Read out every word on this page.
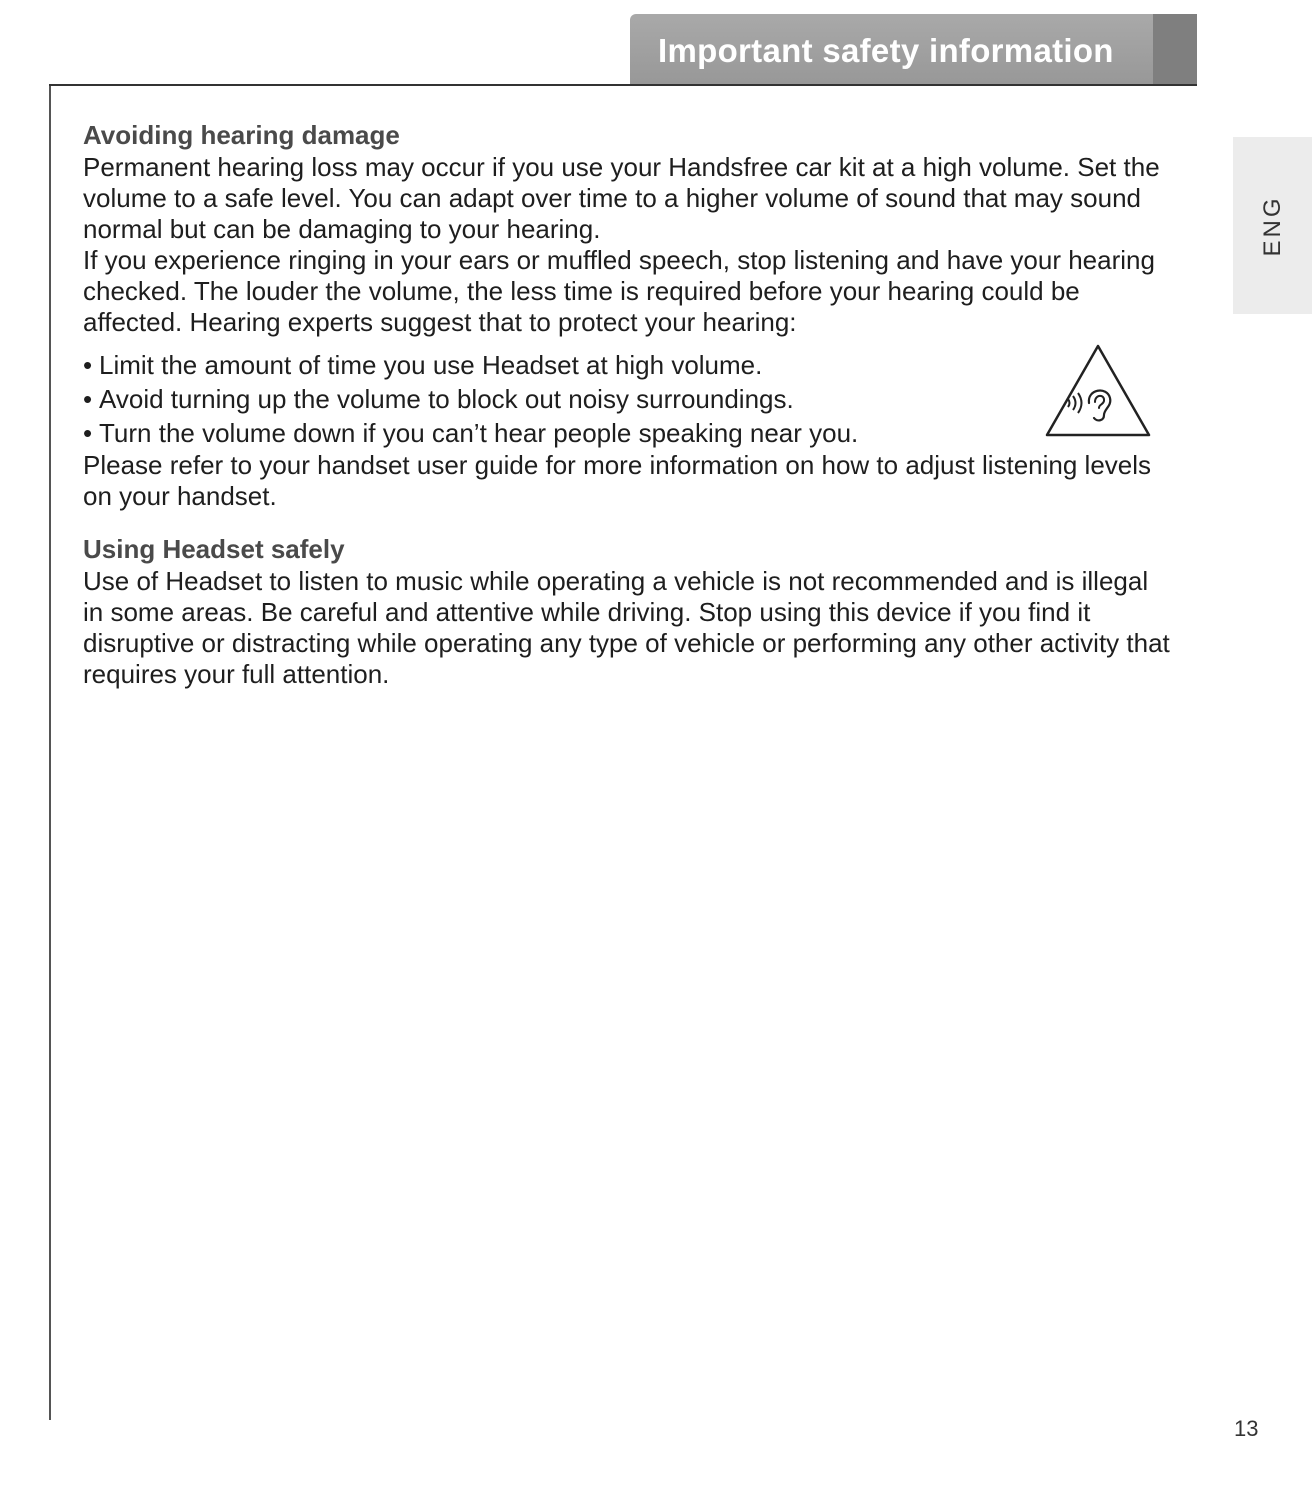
Important safety information
ENG
Avoiding hearing damage

Permanent hearing loss may occur if you use your Handsfree car kit at a high volume. Set the volume to a safe level. You can adapt over time to a higher volume of sound that may sound normal but can be damaging to your hearing.

If you experience ringing in your ears or muffled speech, stop listening and have your hearing checked. The louder the volume, the less time is required before your hearing could be affected. Hearing experts suggest that to protect your hearing:

• Limit the amount of time you use Headset at high volume.
• Avoid turning up the volume to block out noisy surroundings.
• Turn the volume down if you can’t hear people speaking near you.

Please refer to your handset user guide for more information on how to adjust listening levels on your handset.

Using Headset safely

Use of Headset to listen to music while operating a vehicle is not recommended and is illegal in some areas. Be careful and attentive while driving. Stop using this device if you find it disruptive or distracting while operating any type of vehicle or performing any other activity that requires your full attention.

13
